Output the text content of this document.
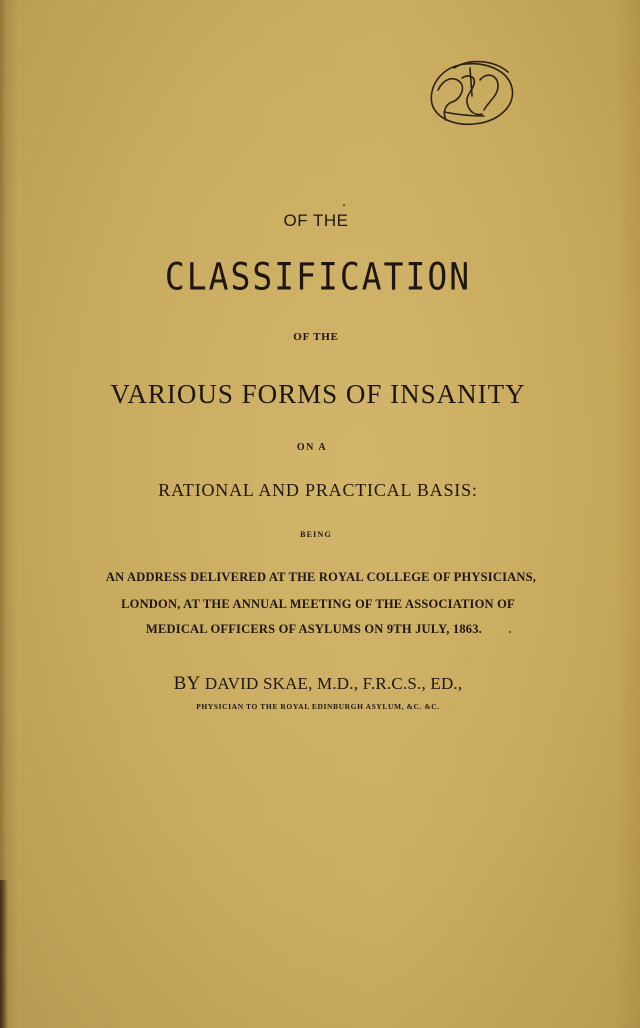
OF THE
CLASSIFICATION
OF THE
VARIOUS FORMS OF INSANITY
ON A
RATIONAL AND PRACTICAL BASIS:
BEING
AN ADDRESS DELIVERED AT THE ROYAL COLLEGE OF PHYSICIANS,
LONDON, AT THE ANNUAL MEETING OF THE ASSOCIATION OF
MEDICAL OFFICERS OF ASYLUMS ON 9TH JULY, 1863.
BY DAVID SKAE, M.D., F.R.C.S., ED.,
PHYSICIAN TO THE ROYAL EDINBURGH ASYLUM, &C. &C.
